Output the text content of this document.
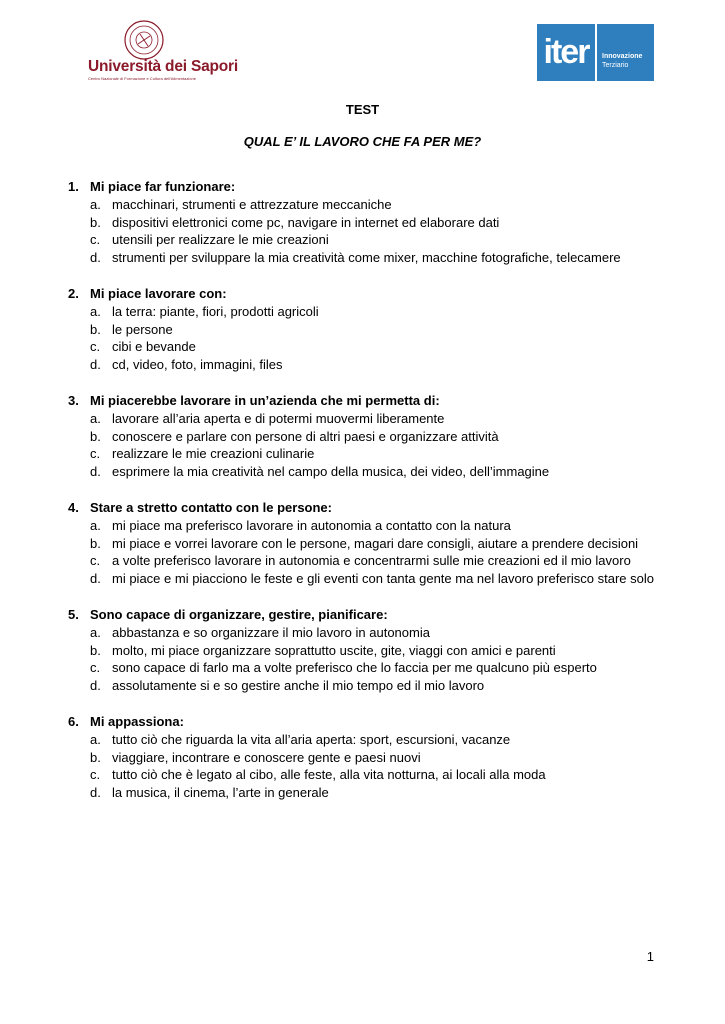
Università dei Sapori
Centro Nazionale di Formazione e Cultura dell'Alimentazione
iter	Innovazione
Terziario
TEST
QUAL E’ IL LAVORO CHE FA PER ME?
1. Mi piace far funzionare:
a. macchinari, strumenti e attrezzature meccaniche
b. dispositivi elettronici come pc, navigare in internet ed elaborare dati
c. utensili per realizzare le mie creazioni
d. strumenti per sviluppare la mia creatività come mixer, macchine fotografiche, telecamere
2. Mi piace lavorare con:
a. la terra: piante, fiori, prodotti agricoli
b. le persone
c. cibi e bevande
d. cd, video, foto, immagini, files
3. Mi piacerebbe lavorare in un’azienda che mi permetta di:
a. lavorare all’aria aperta e di potermi muovermi liberamente
b. conoscere e parlare con persone di altri paesi e organizzare attività
c. realizzare le mie creazioni culinarie
d. esprimere la mia creatività nel campo della musica, dei video, dell’immagine
4. Stare a stretto contatto con le persone:
a. mi piace ma preferisco lavorare in autonomia a contatto con la natura
b. mi piace e vorrei lavorare con le persone, magari dare consigli, aiutare a prendere decisioni
c. a volte preferisco lavorare in autonomia e concentrarmi sulle mie creazioni ed il mio lavoro
d. mi piace e mi piacciono le feste e gli eventi con tanta gente ma nel lavoro preferisco stare solo
5. Sono capace di organizzare, gestire, pianificare:
a. abbastanza e so organizzare il mio lavoro in autonomia
b. molto, mi piace organizzare soprattutto uscite, gite, viaggi con amici e parenti
c. sono capace di farlo ma a volte preferisco che lo faccia per me qualcuno più esperto
d. assolutamente si e so gestire anche il mio tempo ed il mio lavoro
6. Mi appassiona:
a. tutto ciò che riguarda la vita all’aria aperta: sport, escursioni, vacanze
b. viaggiare, incontrare e conoscere gente e paesi nuovi
c. tutto ciò che è legato al cibo, alle feste, alla vita notturna, ai locali alla moda
d. la musica, il cinema, l’arte in generale
1
